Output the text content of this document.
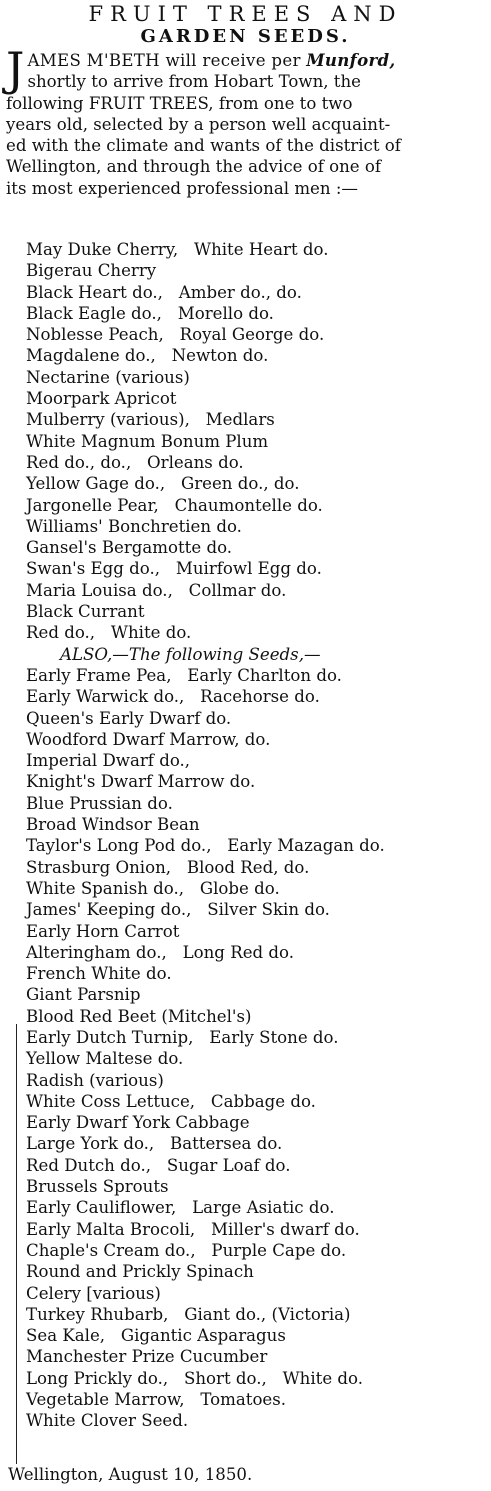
FRUIT TREES AND
GARDEN SEEDS.
J AMES M'BETH will receive per Munford,
shortly to arrive from Hobart Town, the
following FRUIT TREES, from one to two
years old, selected by a person well acquaint-
ed with the climate and wants of the district of
Wellington, and through the advice of one of
its most experienced professional men :—
May Duke Cherry,   White Heart do.
Bigerau Cherry
Black Heart do.,   Amber do., do.
Black Eagle do.,   Morello do.
Noblesse Peach,   Royal George do.
Magdalene do.,   Newton do.
Nectarine (various)
Moorpark Apricot
Mulberry (various),   Medlars
White Magnum Bonum Plum
Red do., do.,   Orleans do.
Yellow Gage do.,   Green do., do.
Jargonelle Pear,   Chaumontelle do.
Williams' Bonchretien do.
Gansel's Bergamotte do.
Swan's Egg do.,   Muirfowl Egg do.
Maria Louisa do.,   Collmar do.
Black Currant
Red do.,   White do.
ALSO,—The following Seeds,—
Early Frame Pea,   Early Charlton do.
Early Warwick do.,   Racehorse do.
Queen's Early Dwarf do.
Woodford Dwarf Marrow, do.
Imperial Dwarf do.,
Knight's Dwarf Marrow do.
Blue Prussian do.
Broad Windsor Bean
Taylor's Long Pod do.,   Early Mazagan do.
Strasburg Onion,   Blood Red, do.
White Spanish do.,   Globe do.
James' Keeping do.,   Silver Skin do.
Early Horn Carrot
Alteringham do.,   Long Red do.
French White do.
Giant Parsnip
Blood Red Beet (Mitchel's)
Early Dutch Turnip,   Early Stone do.
Yellow Maltese do.
Radish (various)
White Coss Lettuce,   Cabbage do.
Early Dwarf York Cabbage
Large York do.,   Battersea do.
Red Dutch do.,   Sugar Loaf do.
Brussels Sprouts
Early Cauliflower,   Large Asiatic do.
Early Malta Brocoli,   Miller's dwarf do.
Chaple's Cream do.,   Purple Cape do.
Round and Prickly Spinach
Celery [various)
Turkey Rhubarb,   Giant do., (Victoria)
Sea Kale,   Gigantic Asparagus
Manchester Prize Cucumber
Long Prickly do.,   Short do.,   White do.
Vegetable Marrow,   Tomatoes.
White Clover Seed.
Wellington, August 10, 1850.
